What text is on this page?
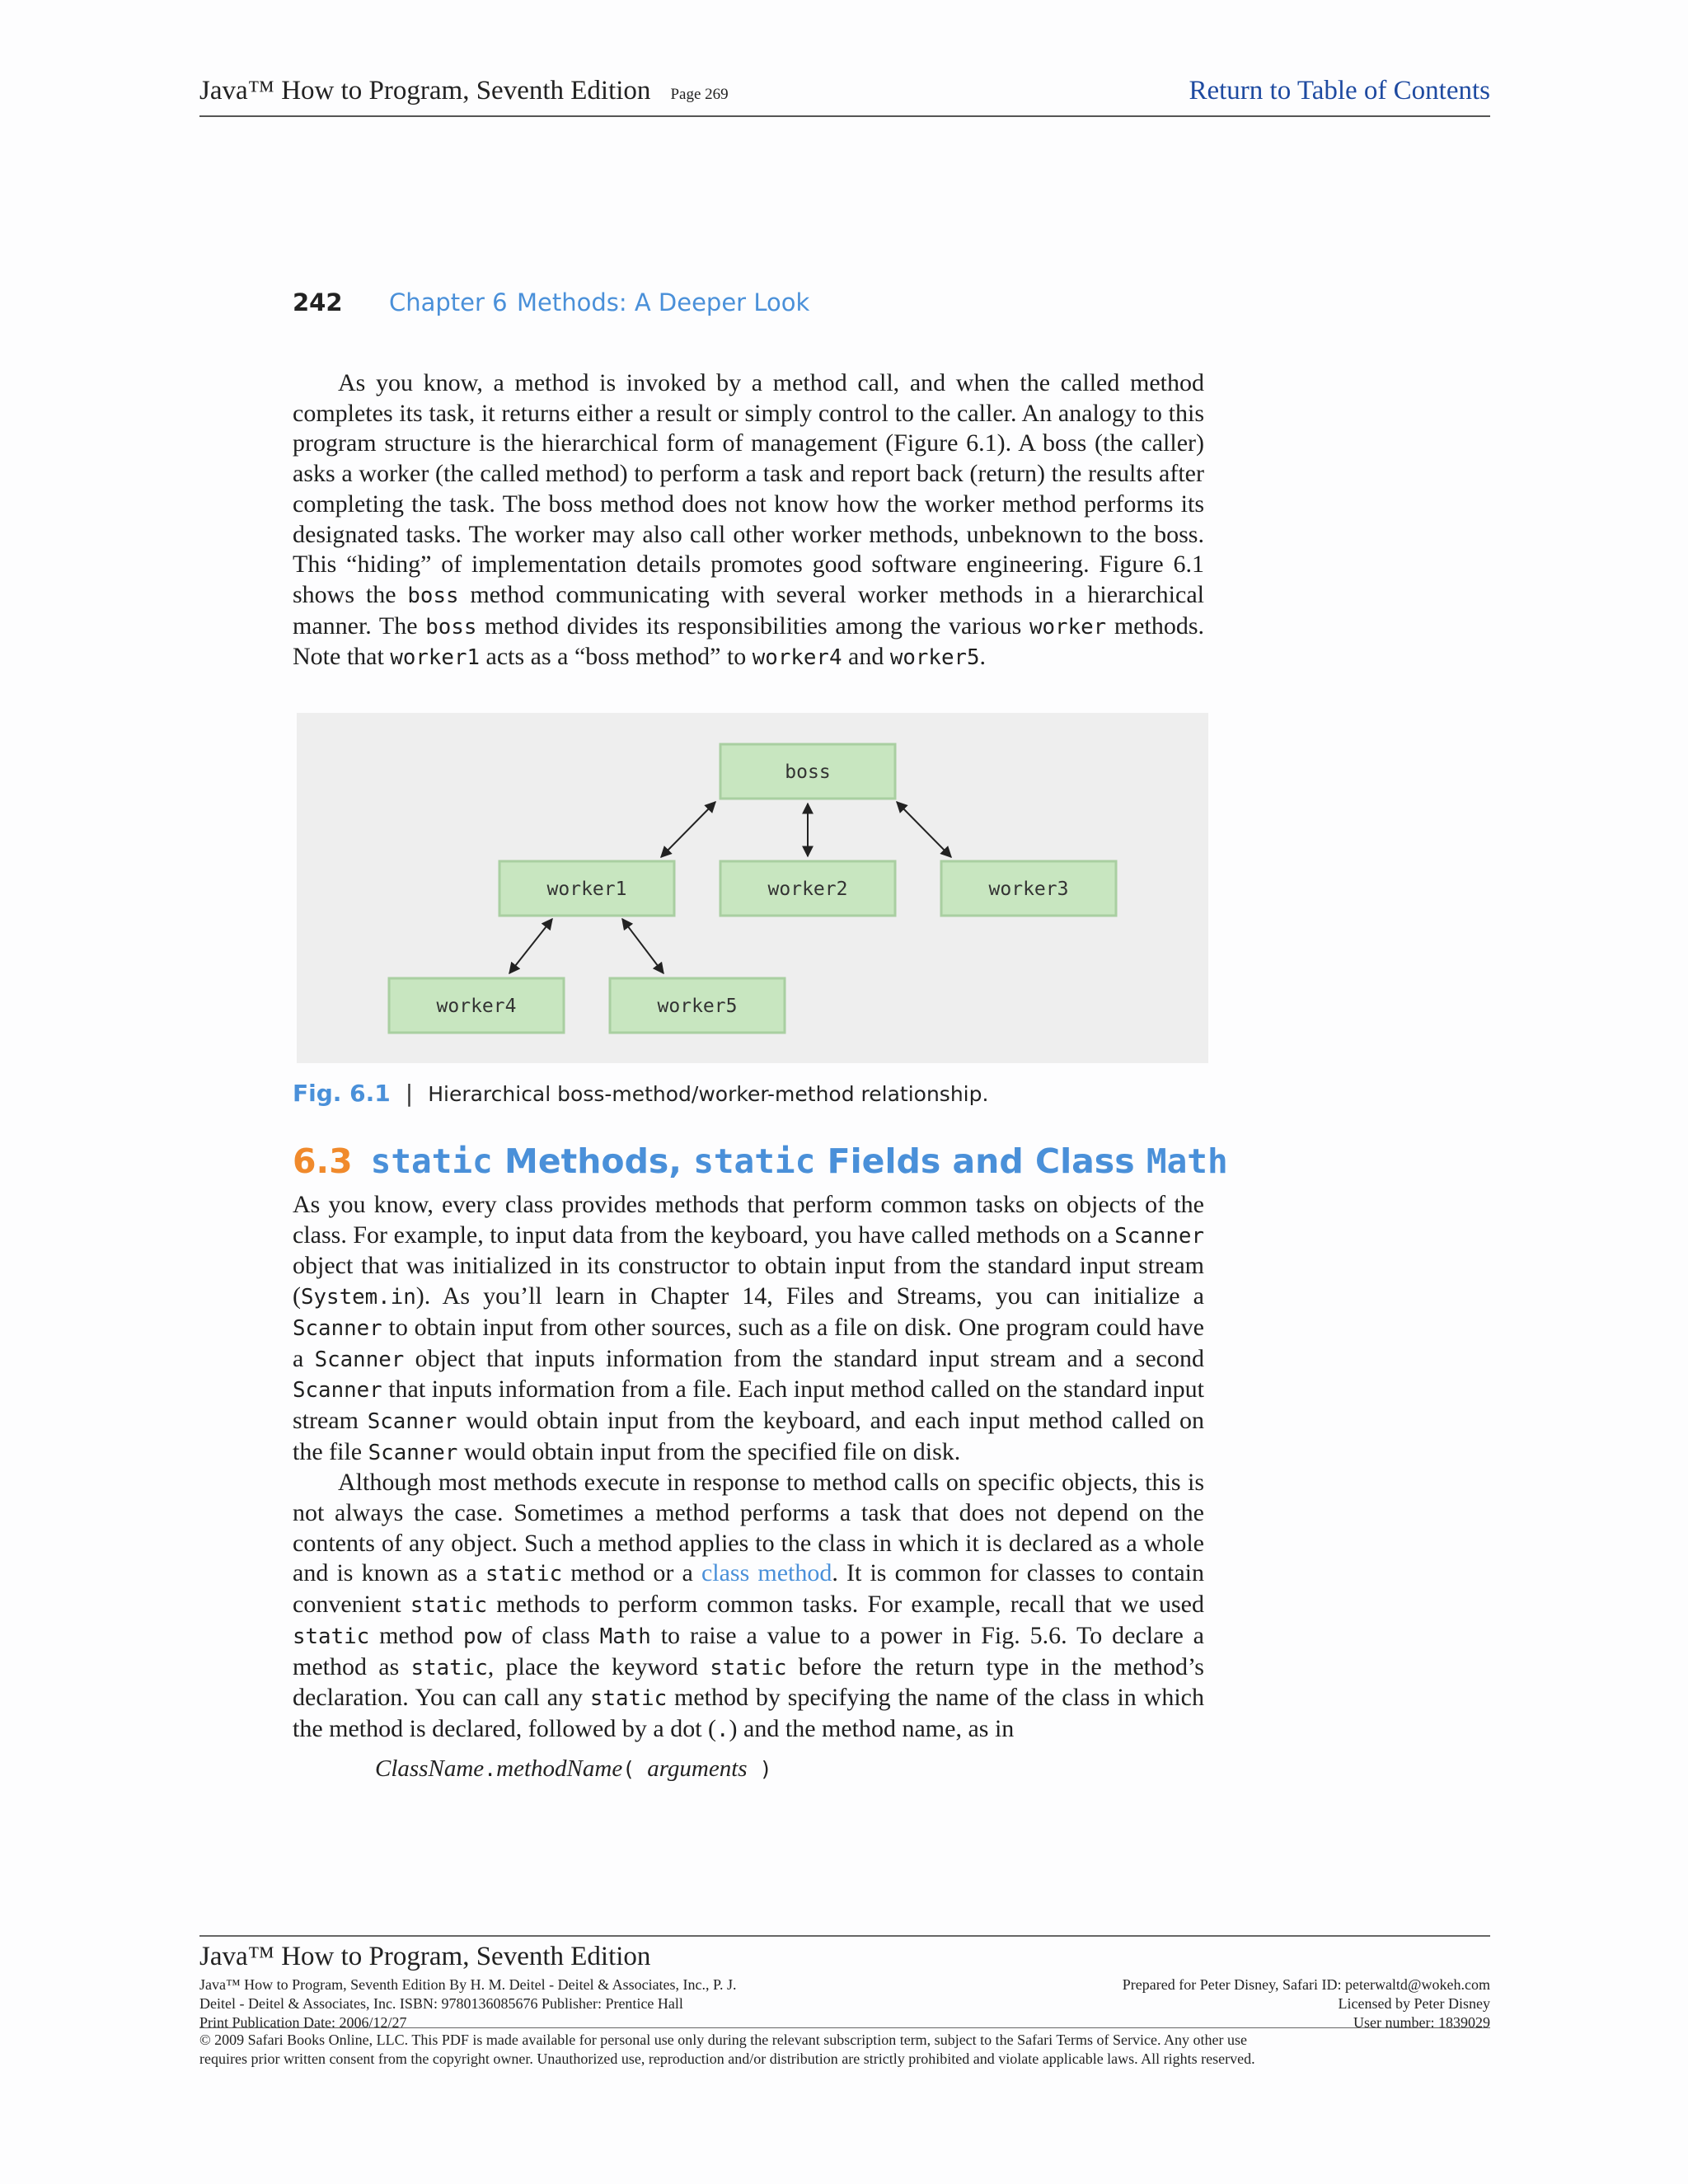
Java™ How to Program, Seventh Edition Page 269	Return to Table of Contents
242 Chapter 6 Methods: A Deeper Look

As you know, a method is invoked by a method call, and when the called method completes its task, it returns either a result or simply control to the caller. An analogy to this program structure is the hierarchical form of management (Figure 6.1). A boss (the caller) asks a worker (the called method) to perform a task and report back (return) the results after completing the task. The boss method does not know how the worker method performs its designated tasks. The worker may also call other worker methods, unbeknown to the boss. This “hiding” of implementation details promotes good software engineering. Figure 6.1 shows the boss method communicating with several worker methods in a hierarchical manner. The boss method divides its responsibilities among the various worker methods. Note that worker1 acts as a “boss method” to worker4 and worker5.

boss
worker1	worker2	worker3
worker4	worker5
Fig. 6.1 | Hierarchical boss-method/worker-method relationship.
6.3 static Methods, static Fields and Class Math

As you know, every class provides methods that perform common tasks on objects of the class. For example, to input data from the keyboard, you have called methods on a Scanner object that was initialized in its constructor to obtain input from the standard input stream (System.in). As you’ll learn in Chapter 14, Files and Streams, you can initialize a Scanner to obtain input from other sources, such as a file on disk. One program could have a Scanner object that inputs information from the standard input stream and a second Scanner that inputs information from a file. Each input method called on the standard input stream Scanner would obtain input from the keyboard, and each input method called on the file Scanner would obtain input from the specified file on disk.

Although most methods execute in response to method calls on specific objects, this is not always the case. Sometimes a method performs a task that does not depend on the contents of any object. Such a method applies to the class in which it is declared as a whole and is known as a static method or a class method. It is common for classes to contain convenient static methods to perform common tasks. For example, recall that we used static method pow of class Math to raise a value to a power in Fig. 5.6. To declare a method as static, place the keyword static before the return type in the method’s declaration. You can call any static method by specifying the name of the class in which the method is declared, followed by a dot (.) and the method name, as in

ClassName.methodName( arguments )
Java™ How to Program, Seventh Edition
Java™ How to Program, Seventh Edition By H. M. Deitel - Deitel & Associates, Inc., P. J.
Deitel - Deitel & Associates, Inc. ISBN: 9780136085676 Publisher: Prentice Hall
Print Publication Date: 2006/12/27
Prepared for Peter Disney, Safari ID: peterwaltd@wokeh.com
Licensed by Peter Disney
User number: 1839029
© 2009 Safari Books Online, LLC. This PDF is made available for personal use only during the relevant subscription term, subject to the Safari Terms of Service. Any other use
requires prior written consent from the copyright owner. Unauthorized use, reproduction and/or distribution are strictly prohibited and violate applicable laws. All rights reserved.
